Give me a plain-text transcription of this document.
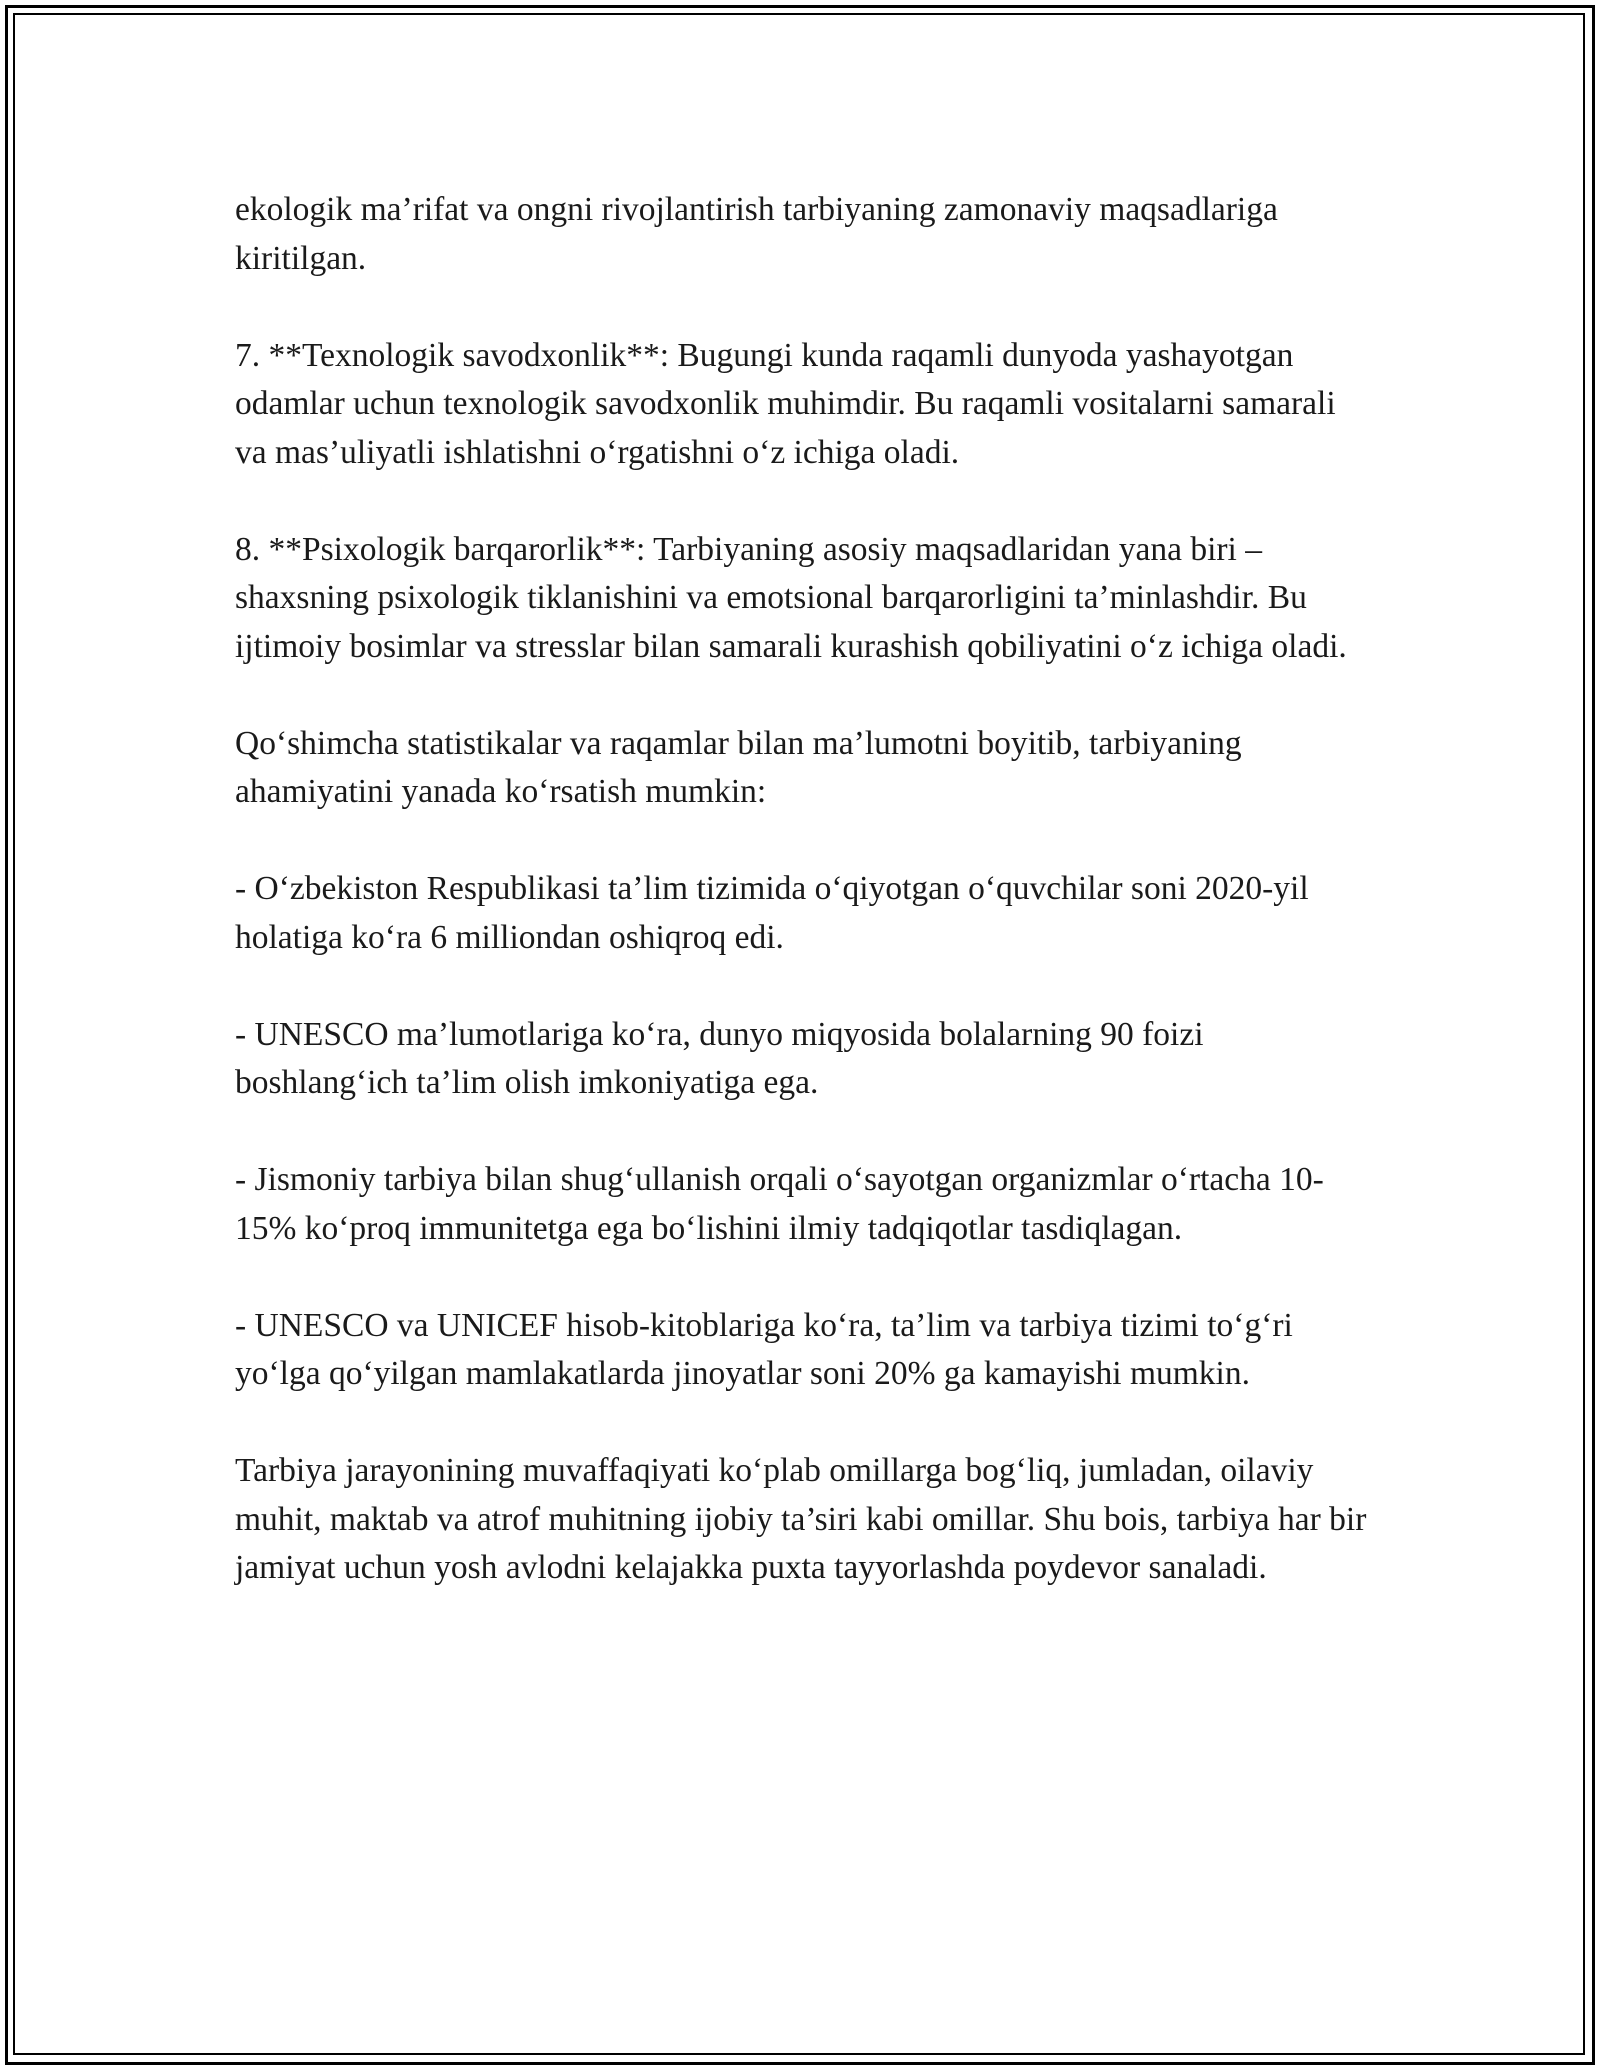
ekologik ma’rifat va ongni rivojlantirish tarbiyaning zamonaviy maqsadlariga kiritilgan.

7. **Texnologik savodxonlik**: Bugungi kunda raqamli dunyoda yashayotgan odamlar uchun texnologik savodxonlik muhimdir. Bu raqamli vositalarni samarali va mas’uliyatli ishlatishni o‘rgatishni o‘z ichiga oladi.

8. **Psixologik barqarorlik**: Tarbiyaning asosiy maqsadlaridan yana biri – shaxsning psixologik tiklanishini va emotsional barqarorligini ta’minlashdir. Bu ijtimoiy bosimlar va stresslar bilan samarali kurashish qobiliyatini o‘z ichiga oladi.

Qo‘shimcha statistikalar va raqamlar bilan ma’lumotni boyitib, tarbiyaning ahamiyatini yanada ko‘rsatish mumkin:

- O‘zbekiston Respublikasi ta’lim tizimida o‘qiyotgan o‘quvchilar soni 2020-yil holatiga ko‘ra 6 milliondan oshiqroq edi.

- UNESCO ma’lumotlariga ko‘ra, dunyo miqyosida bolalarning 90 foizi boshlang‘ich ta’lim olish imkoniyatiga ega.

- Jismoniy tarbiya bilan shug‘ullanish orqali o‘sayotgan organizmlar o‘rtacha 10-15% ko‘proq immunitetga ega bo‘lishini ilmiy tadqiqotlar tasdiqlagan.

- UNESCO va UNICEF hisob-kitoblariga ko‘ra, ta’lim va tarbiya tizimi to‘g‘ri yo‘lga qo‘yilgan mamlakatlarda jinoyatlar soni 20% ga kamayishi mumkin.

Tarbiya jarayonining muvaffaqiyati ko‘plab omillarga bog‘liq, jumladan, oilaviy muhit, maktab va atrof muhitning ijobiy ta’siri kabi omillar. Shu bois, tarbiya har bir jamiyat uchun yosh avlodni kelajakka puxta tayyorlashda poydevor sanaladi.
